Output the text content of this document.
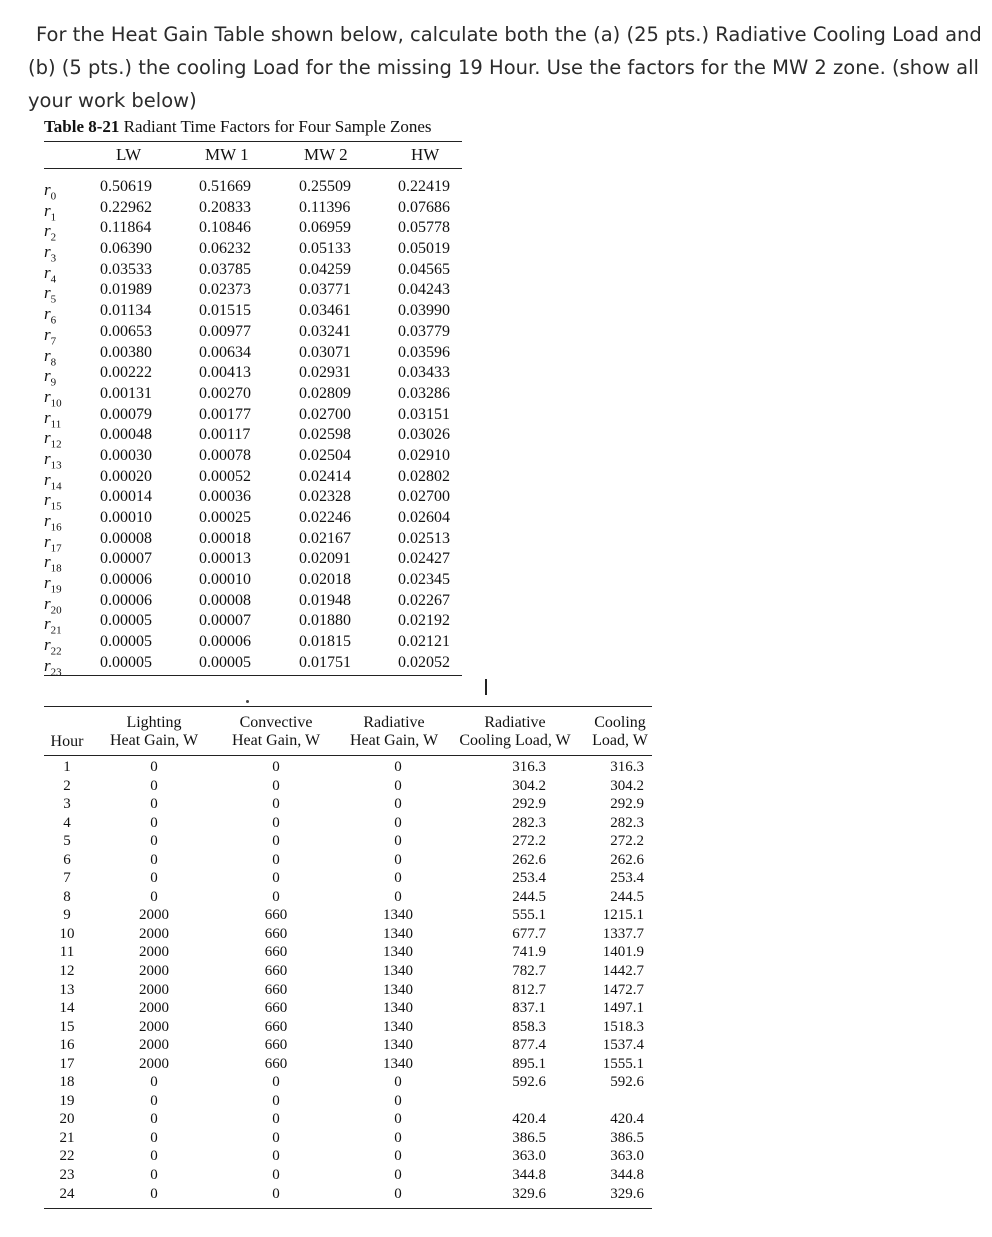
For the Heat Gain Table shown below, calculate both the (a) (25 pts.) Radiative Cooling Load and
(b) (5 pts.) the cooling Load for the missing 19 Hour. Use the factors for the MW 2 zone. (show all
your work below)
Table 8-21 Radiant Time Factors for Four Sample Zones
LW	MW 1	MW 2	HW
$r_0$
0.50619	0.51669	0.25509	0.22419
$r_1$
0.22962	0.20833	0.11396	0.07686
$r_2$
0.11864	0.10846	0.06959	0.05778
$r_3$
0.06390	0.06232	0.05133	0.05019
$r_4$
0.03533	0.03785	0.04259	0.04565
$r_5$
0.01989	0.02373	0.03771	0.04243
$r_6$
0.01134	0.01515	0.03461	0.03990
$r_7$
0.00653	0.00977	0.03241	0.03779
$r_8$
0.00380	0.00634	0.03071	0.03596
$r_9$
0.00222	0.00413	0.02931	0.03433
$r_{10}$
0.00131	0.00270	0.02809	0.03286
$r_{11}$
0.00079	0.00177	0.02700	0.03151
$r_{12}$
0.00048	0.00117	0.02598	0.03026
$r_{13}$
0.00030	0.00078	0.02504	0.02910
$r_{14}$
0.00020	0.00052	0.02414	0.02802
$r_{15}$
0.00014	0.00036	0.02328	0.02700
$r_{16}$
0.00010	0.00025	0.02246	0.02604
$r_{17}$
0.00008	0.00018	0.02167	0.02513
$r_{18}$
0.00007	0.00013	0.02091	0.02427
$r_{19}$
0.00006	0.00010	0.02018	0.02345
$r_{20}$
0.00006	0.00008	0.01948	0.02267
$r_{21}$
0.00005	0.00007	0.01880	0.02192
$r_{22}$
0.00005	0.00006	0.01815	0.02121
$r_{23}$
0.00005	0.00005	0.01751	0.02052
Hour
Lighting
Heat Gain, W
Convective
Heat Gain, W
Radiative
Heat Gain, W
Radiative
Cooling Load, W
Cooling
Load, W
1	0	0	0	316.3	316.3
2	0	0	0	304.2	304.2
3	0	0	0	292.9	292.9
4	0	0	0	282.3	282.3
5	0	0	0	272.2	272.2
6	0	0	0	262.6	262.6
7	0	0	0	253.4	253.4
8	0	0	0	244.5	244.5
9	2000	660	1340	555.1	1215.1
10	2000	660	1340	677.7	1337.7
11	2000	660	1340	741.9	1401.9
12	2000	660	1340	782.7	1442.7
13	2000	660	1340	812.7	1472.7
14	2000	660	1340	837.1	1497.1
15	2000	660	1340	858.3	1518.3
16	2000	660	1340	877.4	1537.4
17	2000	660	1340	895.1	1555.1
18	0	0	0	592.6	592.6
19	0	0	0
20	0	0	0	420.4	420.4
21	0	0	0	386.5	386.5
22	0	0	0	363.0	363.0
23	0	0	0	344.8	344.8
24	0	0	0	329.6	329.6
